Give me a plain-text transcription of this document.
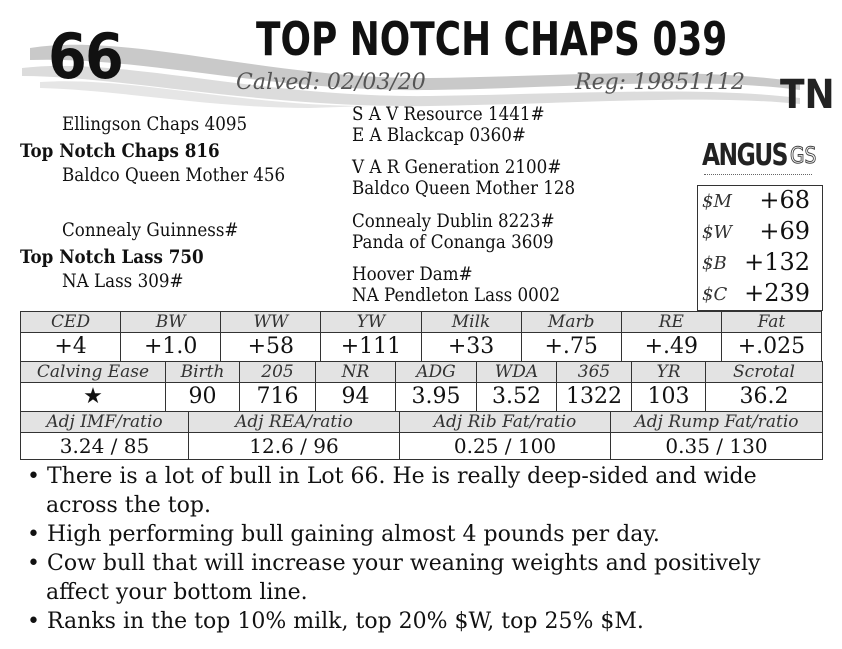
66	TOP NOTCH CHAPS 039
Calved: 02/03/20	Reg: 19851112 TN
Ellingson Chaps 4095
Top Notch Chaps 816
Baldco Queen Mother 456
Connealy Guinness#
Top Notch Lass 750
NA Lass 309#
S A V Resource 1441#
E A Blackcap 0360#
V A R Generation 2100#
Baldco Queen Mother 128
Connealy Dublin 8223#
Panda of Conanga 3609
Hoover Dam#
NA Pendleton Lass 0002
ANGUS GS
$M +68
$W +69
$B +132
$C +239
CED	BW	WW	YW	Milk	Marb	RE	Fat
+4	+1.0	+58	+111	+33	+.75	+.49	+.025
Calving Ease	Birth	205	NR	ADG	WDA	365	YR	Scrotal
★	90	716	94	3.95	3.52	1322	103	36.2
Adj IMF/ratio	Adj REA/ratio	Adj Rib Fat/ratio	Adj Rump Fat/ratio
3.24 / 85	12.6 / 96	0.25 / 100	0.35 / 130
• There is a lot of bull in Lot 66. He is really deep-sided and wide across the top.
• High performing bull gaining almost 4 pounds per day.
• Cow bull that will increase your weaning weights and positively affect your bottom line.
• Ranks in the top 10% milk, top 20% $W, top 25% $M.
